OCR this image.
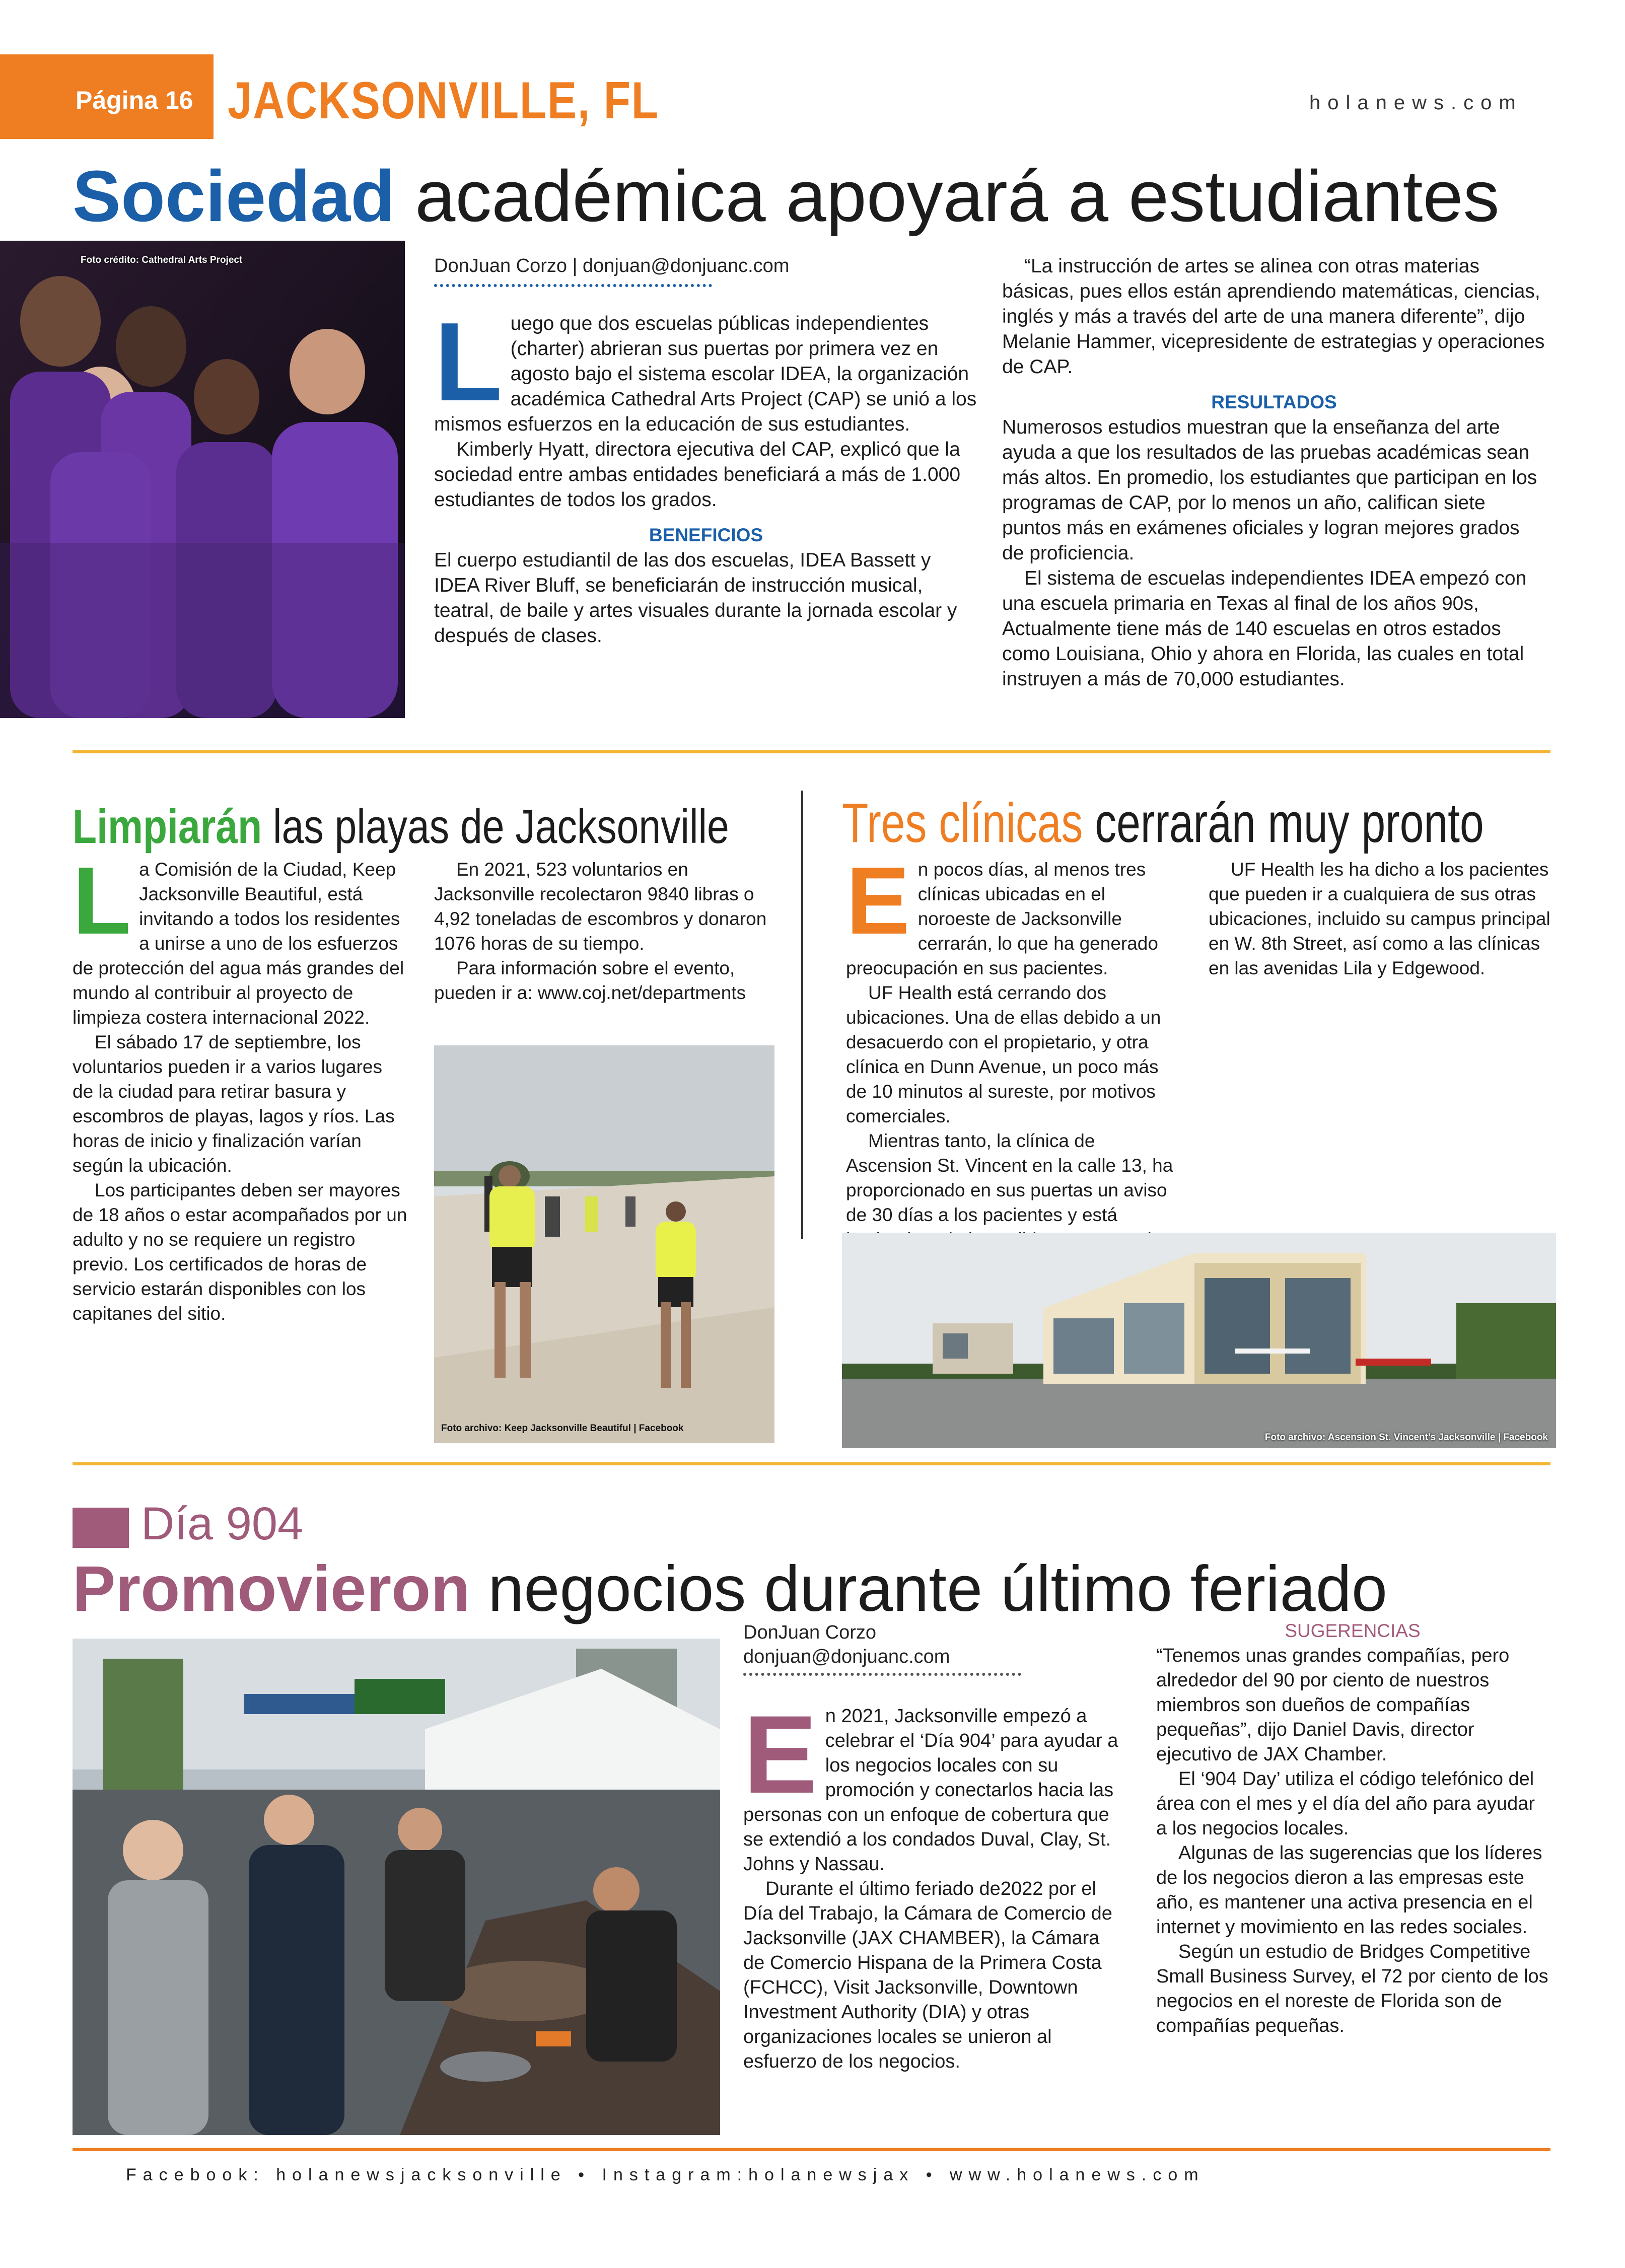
Página 16 JACKSONVILLE, FL	holanews.com
Sociedad académica apoyará a estudiantes
Foto crédito: Cathedral Arts Project	DonJuan Corzo | donjuan@donjuanc.com
L uego que dos escuelas públicas independientes (charter) abrieran sus puertas por primera vez en agosto bajo el sistema escolar IDEA, la organización académica Cathedral Arts Project (CAP) se unió a los mismos esfuerzos en la educación de sus estudiantes.

Kimberly Hyatt, directora ejecutiva del CAP, explicó que la sociedad entre ambas entidades beneficiará a más de 1.000 estudiantes de todos los grados.

BENEFICIOS

El cuerpo estudiantil de las dos escuelas, IDEA Bassett y IDEA River Bluff, se beneficiarán de instrucción musical, teatral, de baile y artes visuales durante la jornada escolar y después de clases.

“La instrucción de artes se alinea con otras materias básicas, pues ellos están aprendiendo matemáticas, ciencias, inglés y más a través del arte de una manera diferente”, dijo Melanie Hammer, vicepresidente de estrategias y operaciones de CAP.

RESULTADOS

Numerosos estudios muestran que la enseñanza del arte ayuda a que los resultados de las pruebas académicas sean más altos. En promedio, los estudiantes que participan en los programas de CAP, por lo menos un año, califican siete puntos más en exámenes oficiales y logran mejores grados de proficiencia.

El sistema de escuelas independientes IDEA empezó con una escuela primaria en Texas al final de los años 90s, Actualmente tiene más de 140 escuelas en otros estados como Louisiana, Ohio y ahora en Florida, las cuales en total instruyen a más de 70,000 estudiantes.

Limpiarán las playas de Jacksonville
L a Comisión de la Ciudad, Keep Jacksonville Beautiful, está invitando a todos los residentes a unirse a uno de los esfuerzos de protección del agua más grandes del mundo al contribuir al proyecto de limpieza costera internacional 2022.

El sábado 17 de septiembre, los voluntarios pueden ir a varios lugares de la ciudad para retirar basura y escombros de playas, lagos y ríos. Las horas de inicio y finalización varían según la ubicación.

Los participantes deben ser mayores de 18 años o estar acompañados por un adulto y no se requiere un registro previo. Los certificados de horas de servicio estarán disponibles con los capitanes del sitio.

En 2021, 523 voluntarios en Jacksonville recolectaron 9840 libras o 4,92 toneladas de escombros y donaron 1076 horas de su tiempo.

Para información sobre el evento, pueden ir a: www.coj.net/departments

Foto archivo: Keep Jacksonville Beautiful | Facebook
Tres clínicas cerrarán muy pronto
E n pocos días, al menos tres clínicas ubicadas en el noroeste de Jacksonville cerrarán, lo que ha generado preocupación en sus pacientes.

UF Health está cerrando dos ubicaciones. Una de ellas debido a un desacuerdo con el propietario, y otra clínica en Dunn Avenue, un poco más de 10 minutos al sureste, por motivos comerciales.

Mientras tanto, la clínica de Ascension St. Vincent en la calle 13, ha proporcionado en sus puertas un aviso de 30 días a los pacientes y está

UF Health les ha dicho a los pacientes que pueden ir a cualquiera de sus otras ubicaciones, incluido su campus principal en W. 8th Street, así como a las clínicas en las avenidas Lila y Edgewood.

Foto archivo: Ascension St. Vincent’s Jacksonville | Facebook
Día 904
Promovieron negocios durante último feriado
DonJuan Corzo
donjuan@donjuanc.com
E n 2021, Jacksonville empezó a celebrar el ‘Día 904’ para ayudar a los negocios locales con su promoción y conectarlos hacia las personas con un enfoque de cobertura que se extendió a los condados Duval, Clay, St. Johns y Nassau.

Durante el último feriado de2022 por el Día del Trabajo, la Cámara de Comercio de Jacksonville (JAX CHAMBER), la Cámara de Comercio Hispana de la Primera Costa (FCHCC), Visit Jacksonville, Downtown Investment Authority (DIA) y otras organizaciones locales se unieron al esfuerzo de los negocios.

SUGERENCIAS

“Tenemos unas grandes compañías, pero alrededor del 90 por ciento de nuestros miembros son dueños de compañías pequeñas”, dijo Daniel Davis, director ejecutivo de JAX Chamber.

El ‘904 Day’ utiliza el código telefónico del área con el mes y el día del año para ayudar a los negocios locales.

Algunas de las sugerencias que los líderes de los negocios dieron a las empresas este año, es mantener una activa presencia en el internet y movimiento en las redes sociales.

Según un estudio de Bridges Competitive Small Business Survey, el 72 por ciento de los negocios en el noreste de Florida son de compañías pequeñas.

Facebook: holanewsjacksonville • Instagram:holanewsjax • www.holanews.com
